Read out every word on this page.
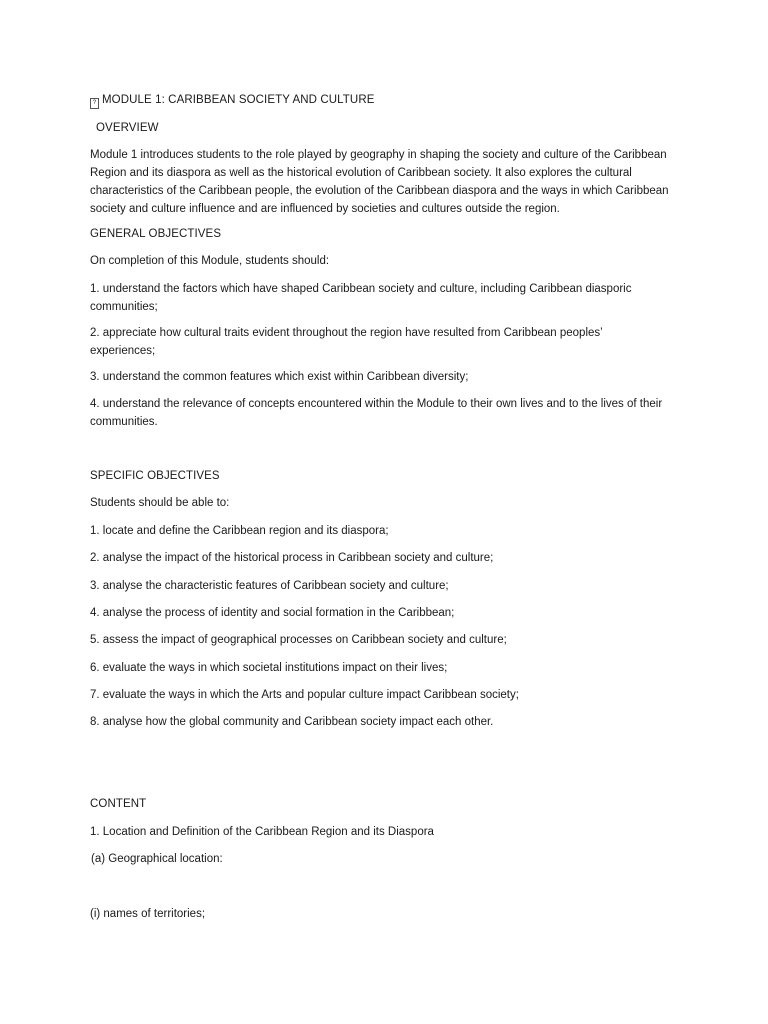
? MODULE 1: CARIBBEAN SOCIETY AND CULTURE

OVERVIEW

Module 1 introduces students to the role played by geography in shaping the society and culture of the Caribbean Region and its diaspora as well as the historical evolution of Caribbean society. It also explores the cultural characteristics of the Caribbean people, the evolution of the Caribbean diaspora and the ways in which Caribbean society and culture influence and are influenced by societies and cultures outside the region.

GENERAL OBJECTIVES

On completion of this Module, students should:

1. understand the factors which have shaped Caribbean society and culture, including Caribbean diasporic communities;

2. appreciate how cultural traits evident throughout the region have resulted from Caribbean peoples’ experiences;

3. understand the common features which exist within Caribbean diversity;

4. understand the relevance of concepts encountered within the Module to their own lives and to the lives of their communities.

SPECIFIC OBJECTIVES

Students should be able to:

1. locate and define the Caribbean region and its diaspora;

2. analyse the impact of the historical process in Caribbean society and culture;

3. analyse the characteristic features of Caribbean society and culture;

4. analyse the process of identity and social formation in the Caribbean;

5. assess the impact of geographical processes on Caribbean society and culture;

6. evaluate the ways in which societal institutions impact on their lives;

7. evaluate the ways in which the Arts and popular culture impact Caribbean society;

8. analyse how the global community and Caribbean society impact each other.

CONTENT

1. Location and Definition of the Caribbean Region and its Diaspora

(a) Geographical location:

(i) names of territories;
